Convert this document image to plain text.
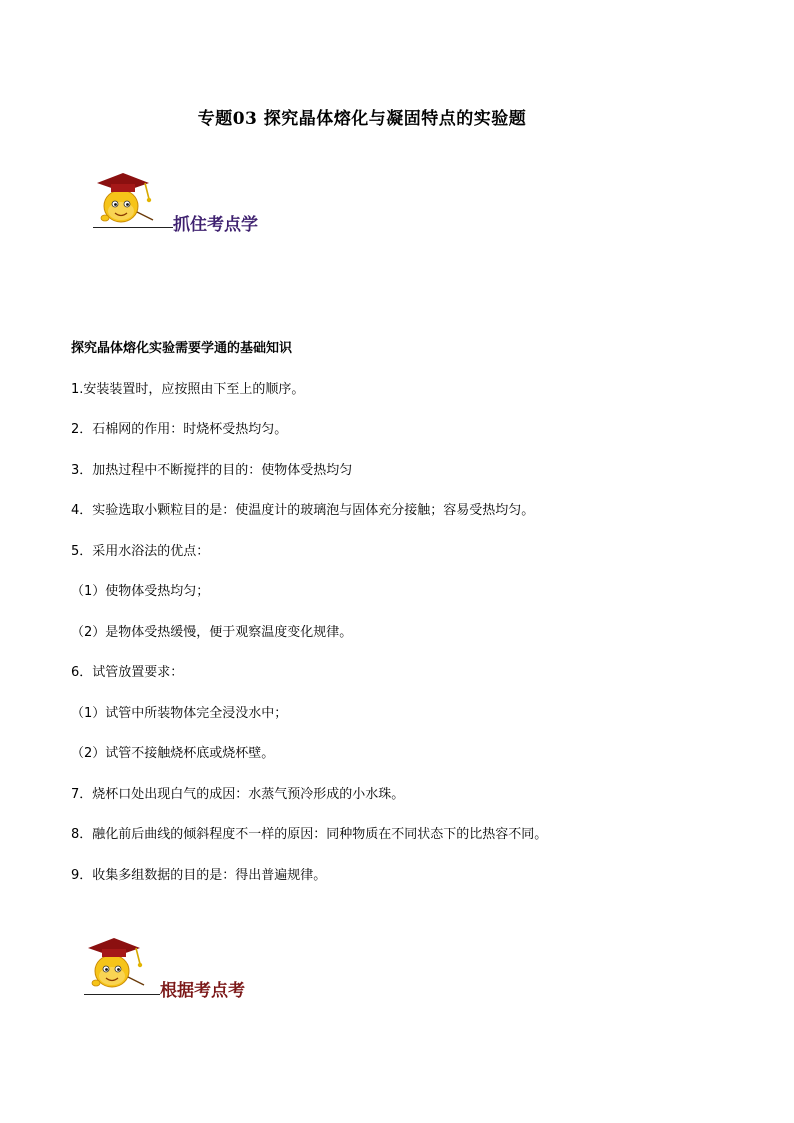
专题03 探究晶体熔化与凝固特点的实验题
抓住考点学
探究晶体熔化实验需要学通的基础知识
1.安装装置时，应按照由下至上的顺序。
2．石棉网的作用：时烧杯受热均匀。
3．加热过程中不断搅拌的目的：使物体受热均匀
4．实验选取小颗粒目的是：使温度计的玻璃泡与固体充分接触；容易受热均匀。
5．采用水浴法的优点：
（1）使物体受热均匀；
（2）是物体受热缓慢，便于观察温度变化规律。
6．试管放置要求：
（1）试管中所装物体完全浸没水中；
（2）试管不接触烧杯底或烧杯壁。
7．烧杯口处出现白气的成因：水蒸气预冷形成的小水珠。
8．融化前后曲线的倾斜程度不一样的原因：同种物质在不同状态下的比热容不同。
9．收集多组数据的目的是：得出普遍规律。
根据考点考
